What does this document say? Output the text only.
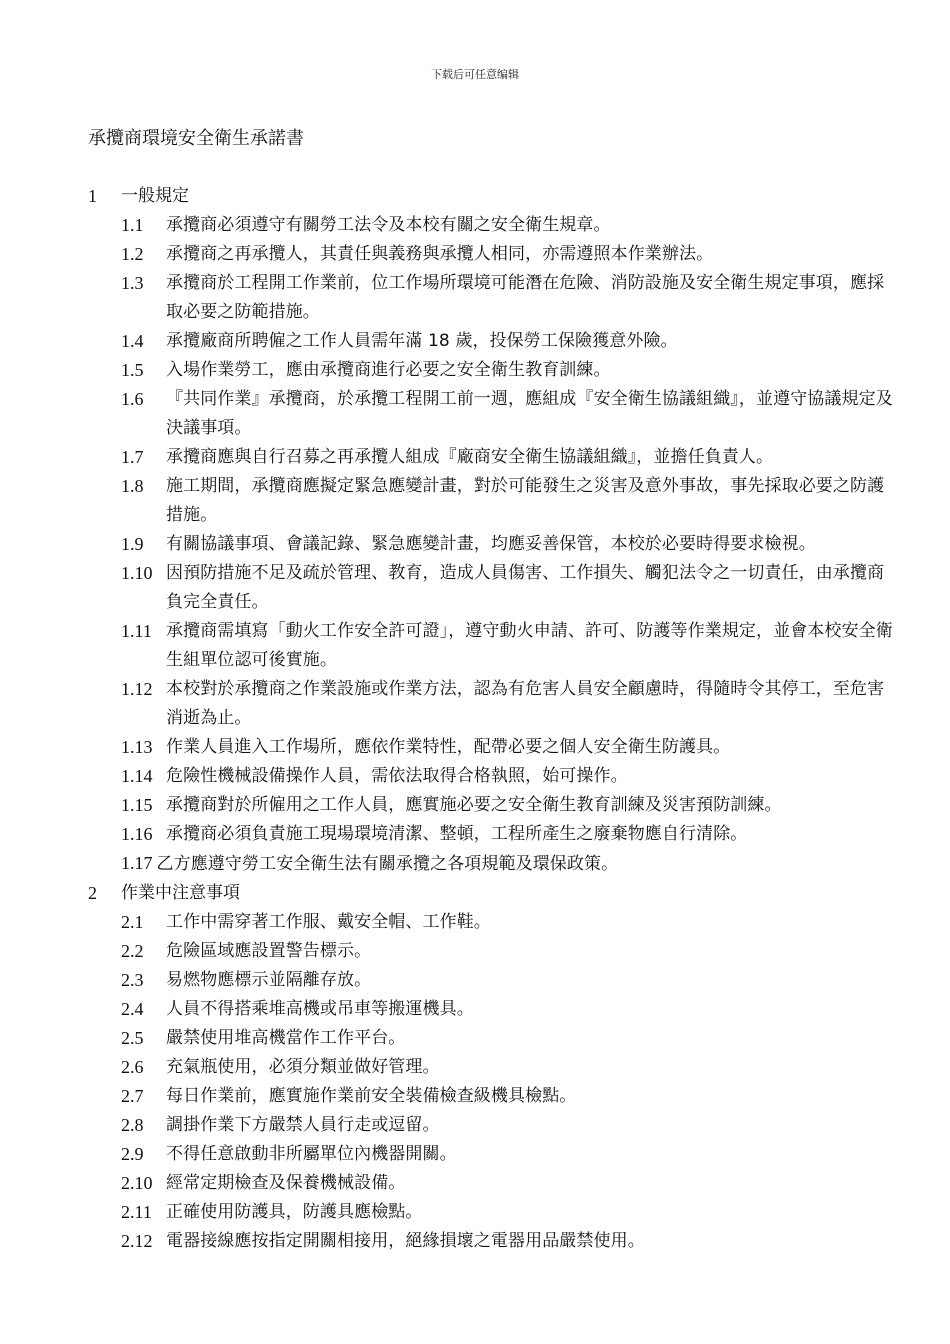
下载后可任意编辑
承攬商環境安全衛生承諾書
1 一般規定
1.1 承攬商必須遵守有關勞工法令及本校有關之安全衛生規章。
1.2 承攬商之再承攬人，其責任與義務與承攬人相同，亦需遵照本作業辦法。
1.3 承攬商於工程開工作業前，位工作場所環境可能潛在危險、消防設施及安全衛生規定事項，應採取必要之防範措施。
1.4 承攬廠商所聘僱之工作人員需年滿 18 歲，投保勞工保險獲意外險。
1.5 入場作業勞工，應由承攬商進行必要之安全衛生教育訓練。
1.6 『共同作業』承攬商，於承攬工程開工前一週，應組成『安全衛生協議組織』，並遵守協議規定及決議事項。
1.7 承攬商應與自行召募之再承攬人組成『廠商安全衛生協議組織』，並擔任負責人。
1.8 施工期間，承攬商應擬定緊急應變計畫，對於可能發生之災害及意外事故，事先採取必要之防護措施。
1.9 有關協議事項、會議記錄、緊急應變計畫，均應妥善保管，本校於必要時得要求檢視。
1.10 因預防措施不足及疏於管理、教育，造成人員傷害、工作損失、觸犯法令之一切責任，由承攬商負完全責任。
1.11 承攬商需填寫「動火工作安全許可證」，遵守動火申請、許可、防護等作業規定，並會本校安全衛生組單位認可後實施。
1.12 本校對於承攬商之作業設施或作業方法，認為有危害人員安全顧慮時，得隨時令其停工，至危害消逝為止。
1.13 作業人員進入工作場所，應依作業特性，配帶必要之個人安全衛生防護具。
1.14 危險性機械設備操作人員，需依法取得合格執照，始可操作。
1.15 承攬商對於所僱用之工作人員，應實施必要之安全衛生教育訓練及災害預防訓練。
1.16 承攬商必須負責施工現場環境清潔、整頓，工程所產生之廢棄物應自行清除。
1.17 乙方應遵守勞工安全衛生法有關承攬之各項規範及環保政策。
2 作業中注意事項
2.1 工作中需穿著工作服、戴安全帽、工作鞋。
2.2 危險區域應設置警告標示。
2.3 易燃物應標示並隔離存放。
2.4 人員不得搭乘堆高機或吊車等搬運機具。
2.5 嚴禁使用堆高機當作工作平台。
2.6 充氣瓶使用，必須分類並做好管理。
2.7 每日作業前，應實施作業前安全裝備檢查級機具檢點。
2.8 調掛作業下方嚴禁人員行走或逗留。
2.9 不得任意啟動非所屬單位內機器開關。
2.10 經常定期檢查及保養機械設備。
2.11 正確使用防護具，防護具應檢點。
2.12 電器接線應按指定開關相接用，絕緣損壞之電器用品嚴禁使用。
